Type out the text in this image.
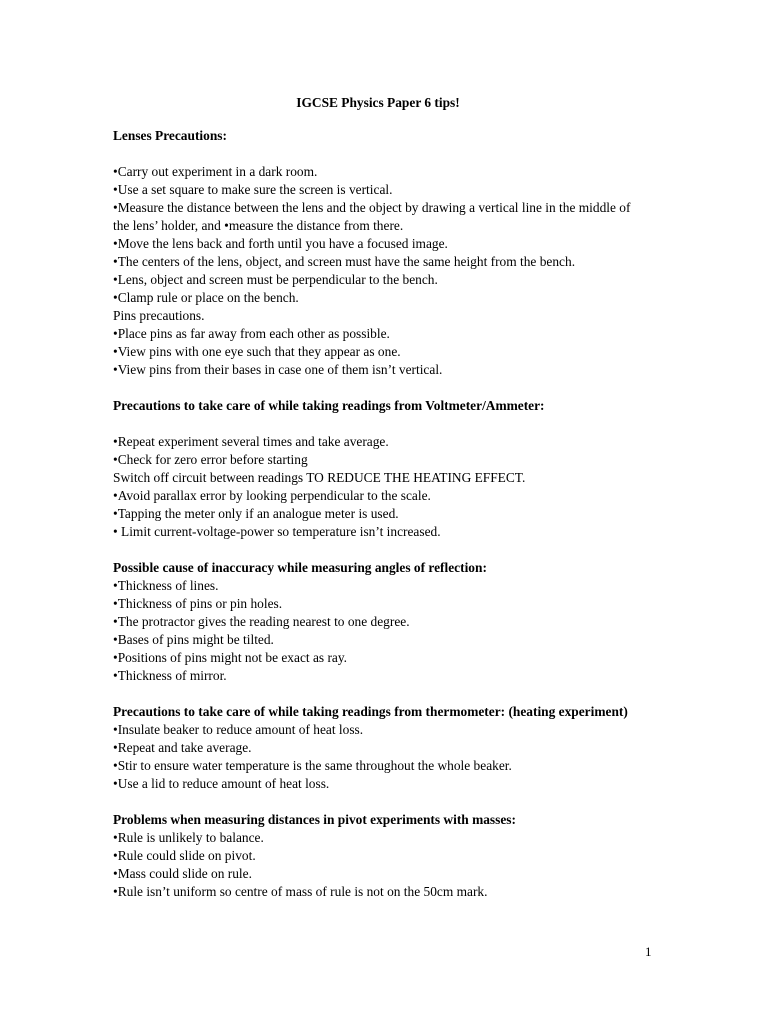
IGCSE Physics Paper 6 tips!

Lenses Precautions:

•Carry out experiment in a dark room.

•Use a set square to make sure the screen is vertical.

•Measure the distance between the lens and the object by drawing a vertical line in the middle of the lens’ holder, and •measure the distance from there.

•Move the lens back and forth until you have a focused image.

•The centers of the lens, object, and screen must have the same height from the bench.

•Lens, object and screen must be perpendicular to the bench.

•Clamp rule or place on the bench.

Pins precautions.

•Place pins as far away from each other as possible.

•View pins with one eye such that they appear as one.

•View pins from their bases in case one of them isn’t vertical.

Precautions to take care of while taking readings from Voltmeter/Ammeter:

•Repeat experiment several times and take average.

•Check for zero error before starting

Switch off circuit between readings TO REDUCE THE HEATING EFFECT.

•Avoid parallax error by looking perpendicular to the scale.

•Tapping the meter only if an analogue meter is used.

• Limit current-voltage-power so temperature isn’t increased.

Possible cause of inaccuracy while measuring angles of reflection:

•Thickness of lines.

•Thickness of pins or pin holes.

•The protractor gives the reading nearest to one degree.

•Bases of pins might be tilted.

•Positions of pins might not be exact as ray.

•Thickness of mirror.

Precautions to take care of while taking readings from thermometer: (heating experiment)

•Insulate beaker to reduce amount of heat loss.

•Repeat and take average.

•Stir to ensure water temperature is the same throughout the whole beaker.

•Use a lid to reduce amount of heat loss.

Problems when measuring distances in pivot experiments with masses:

•Rule is unlikely to balance.

•Rule could slide on pivot.

•Mass could slide on rule.

•Rule isn’t uniform so centre of mass of rule is not on the 50cm mark.

1
